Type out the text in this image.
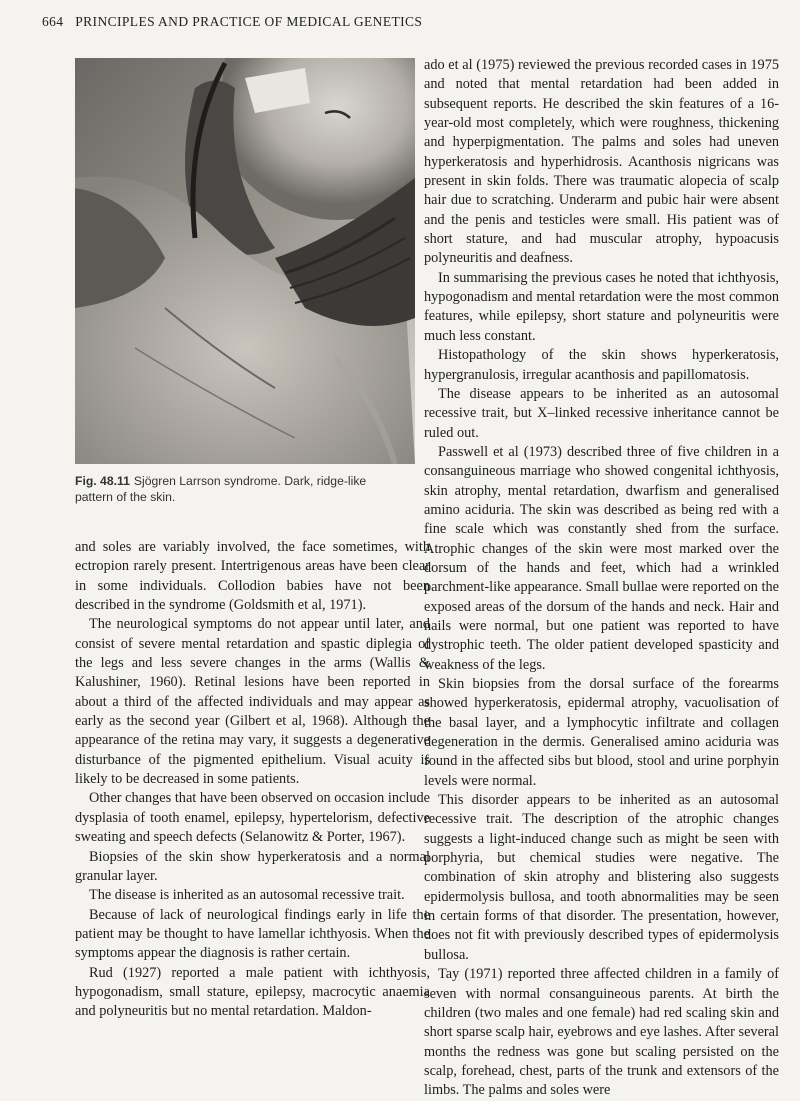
664 PRINCIPLES AND PRACTICE OF MEDICAL GENETICS
Fig. 48.11 Sjögren Larrson syndrome. Dark, ridge-like pattern of the skin.

and soles are variably involved, the face sometimes, with ectropion rarely present. Intertrigenous areas have been clear in some individuals. Collodion babies have not been described in the syndrome (Goldsmith et al, 1971).

The neurological symptoms do not appear until later, and consist of severe mental retardation and spastic diplegia of the legs and less severe changes in the arms (Wallis & Kalushiner, 1960). Retinal lesions have been reported in about a third of the affected individuals and may appear as early as the second year (Gilbert et al, 1968). Although the appearance of the retina may vary, it suggests a degenerative disturbance of the pigmented epithelium. Visual acuity is likely to be decreased in some patients.

Other changes that have been observed on occasion include dysplasia of tooth enamel, epilepsy, hypertelorism, defective sweating and speech defects (Selanowitz & Porter, 1967).

Biopsies of the skin show hyperkeratosis and a normal granular layer.

The disease is inherited as an autosomal recessive trait.

Because of lack of neurological findings early in life the patient may be thought to have lamellar ichthyosis. When the symptoms appear the diagnosis is rather certain.

Rud (1927) reported a male patient with ichthyosis, hypogonadism, small stature, epilepsy, macrocytic anaemia and polyneuritis but no mental retardation. Maldon-

ado et al (1975) reviewed the previous recorded cases in 1975 and noted that mental retardation had been added in subsequent reports. He described the skin features of a 16-year-old most completely, which were roughness, thickening and hyperpigmentation. The palms and soles had uneven hyperkeratosis and hyperhidrosis. Acanthosis nigricans was present in skin folds. There was traumatic alopecia of scalp hair due to scratching. Underarm and pubic hair were absent and the penis and testicles were small. His patient was of short stature, and had muscular atrophy, hypoacusis polyneuritis and deafness.

In summarising the previous cases he noted that ichthyosis, hypogonadism and mental retardation were the most common features, while epilepsy, short stature and polyneuritis were much less constant.

Histopathology of the skin shows hyperkeratosis, hypergranulosis, irregular acanthosis and papillomatosis.

The disease appears to be inherited as an autosomal recessive trait, but X–linked recessive inheritance cannot be ruled out.

Passwell et al (1973) described three of five children in a consanguineous marriage who showed congenital ichthyosis, skin atrophy, mental retardation, dwarfism and generalised amino aciduria. The skin was described as being red with a fine scale which was constantly shed from the surface. Atrophic changes of the skin were most marked over the dorsum of the hands and feet, which had a wrinkled parchment-like appearance. Small bullae were reported on the exposed areas of the dorsum of the hands and neck. Hair and nails were normal, but one patient was reported to have dystrophic teeth. The older patient developed spasticity and weakness of the legs.

Skin biopsies from the dorsal surface of the forearms showed hyperkeratosis, epidermal atrophy, vacuolisation of the basal layer, and a lymphocytic infiltrate and collagen degeneration in the dermis. Generalised amino aciduria was found in the affected sibs but blood, stool and urine porphyin levels were normal.

This disorder appears to be inherited as an autosomal recessive trait. The description of the atrophic changes suggests a light-induced change such as might be seen with porphyria, but chemical studies were negative. The combination of skin atrophy and blistering also suggests epidermolysis bullosa, and tooth abnormalities may be seen in certain forms of that disorder. The presentation, however, does not fit with previously described types of epidermolysis bullosa.

Tay (1971) reported three affected children in a family of seven with normal consanguineous parents. At birth the children (two males and one female) had red scaling skin and short sparse scalp hair, eyebrows and eye lashes. After several months the redness was gone but scaling persisted on the scalp, forehead, chest, parts of the trunk and extensors of the limbs. The palms and soles were
